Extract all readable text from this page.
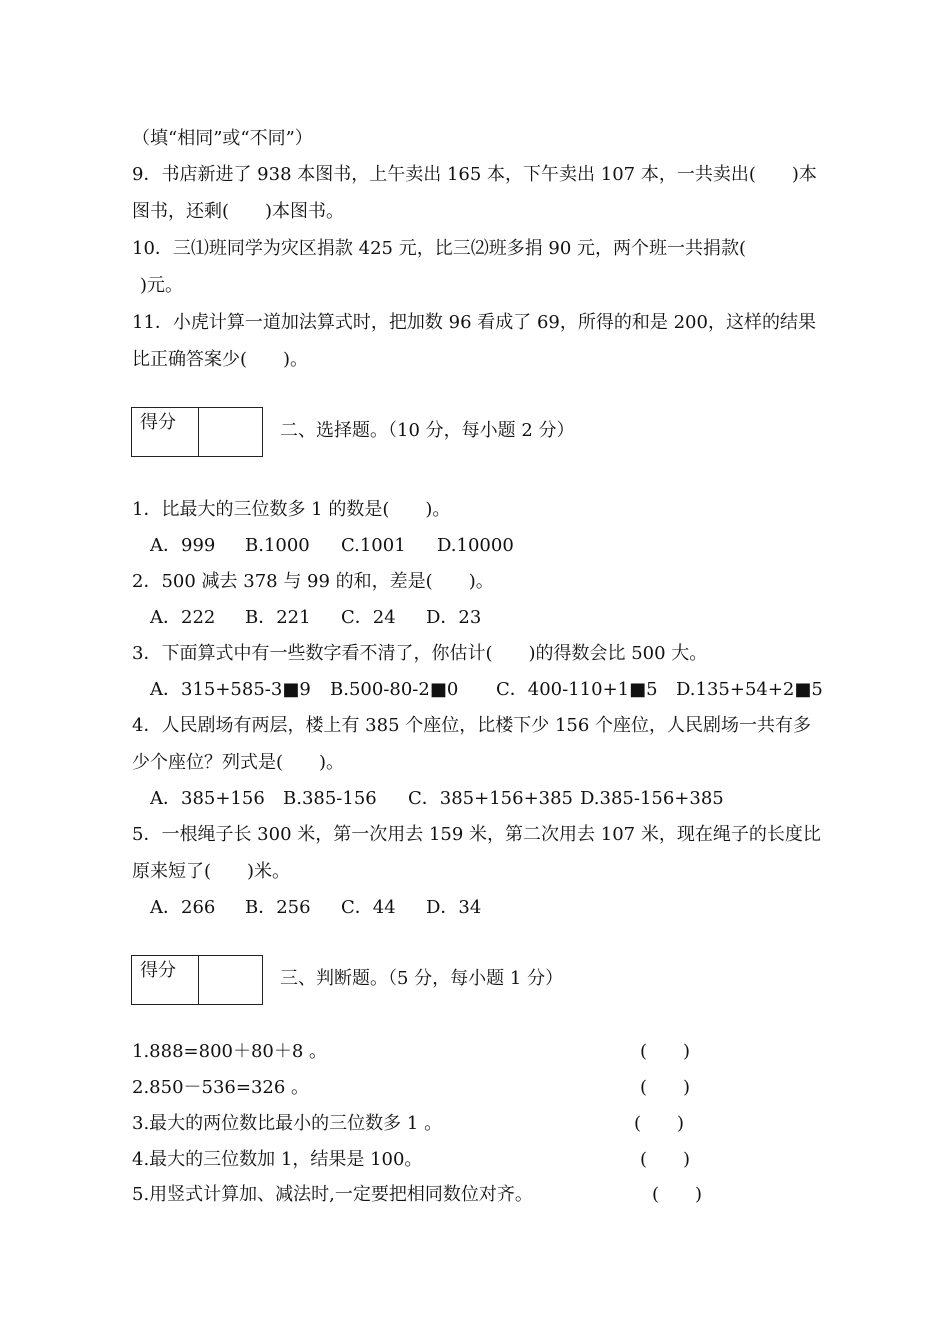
（填“相同”或“不同”）
9．书店新进了 938 本图书，上午卖出 165 本，下午卖出 107 本，一共卖出(　　)本
图书，还剩(　　)本图书。
10．三⑴班同学为灾区捐款 425 元，比三⑵班多捐 90 元，两个班一共捐款(
)元。
11．小虎计算一道加法算式时，把加数 96 看成了 69，所得的和是 200，这样的结果
比正确答案少(　　)。
得分	二、选择题。（10 分，每小题 2 分）
1．比最大的三位数多 1 的数是(　　)。
A．999 B.1000 C.1001 D.10000
2．500 减去 378 与 99 的和，差是(　　)。
A．222 B．221 C．24 D．23
3．下面算式中有一些数字看不清了，你估计(　　)的得数会比 500 大。
A．315+585-3■9 B.500-80-2■0 C．400-110+1■5 D.135+54+2■5
4．人民剧场有两层，楼上有 385 个座位，比楼下少 156 个座位，人民剧场一共有多
少个座位？列式是(　　)。
A．385+156 B.385-156 C．385+156+385 D.385-156+385
5．一根绳子长 300 米，第一次用去 159 米，第二次用去 107 米，现在绳子的长度比
原来短了(　　)米。
A．266 B．256 C．44 D．34
得分	三、判断题。（5 分，每小题 1 分）
1.888=800＋80＋8 。	(　　)
2.850－536=326 。	(　　)
3.最大的两位数比最小的三位数多 1 。	(　　)
4.最大的三位数加 1，结果是 100。	(　　)
5.用竖式计算加、减法时,一定要把相同数位对齐。	(　　)
